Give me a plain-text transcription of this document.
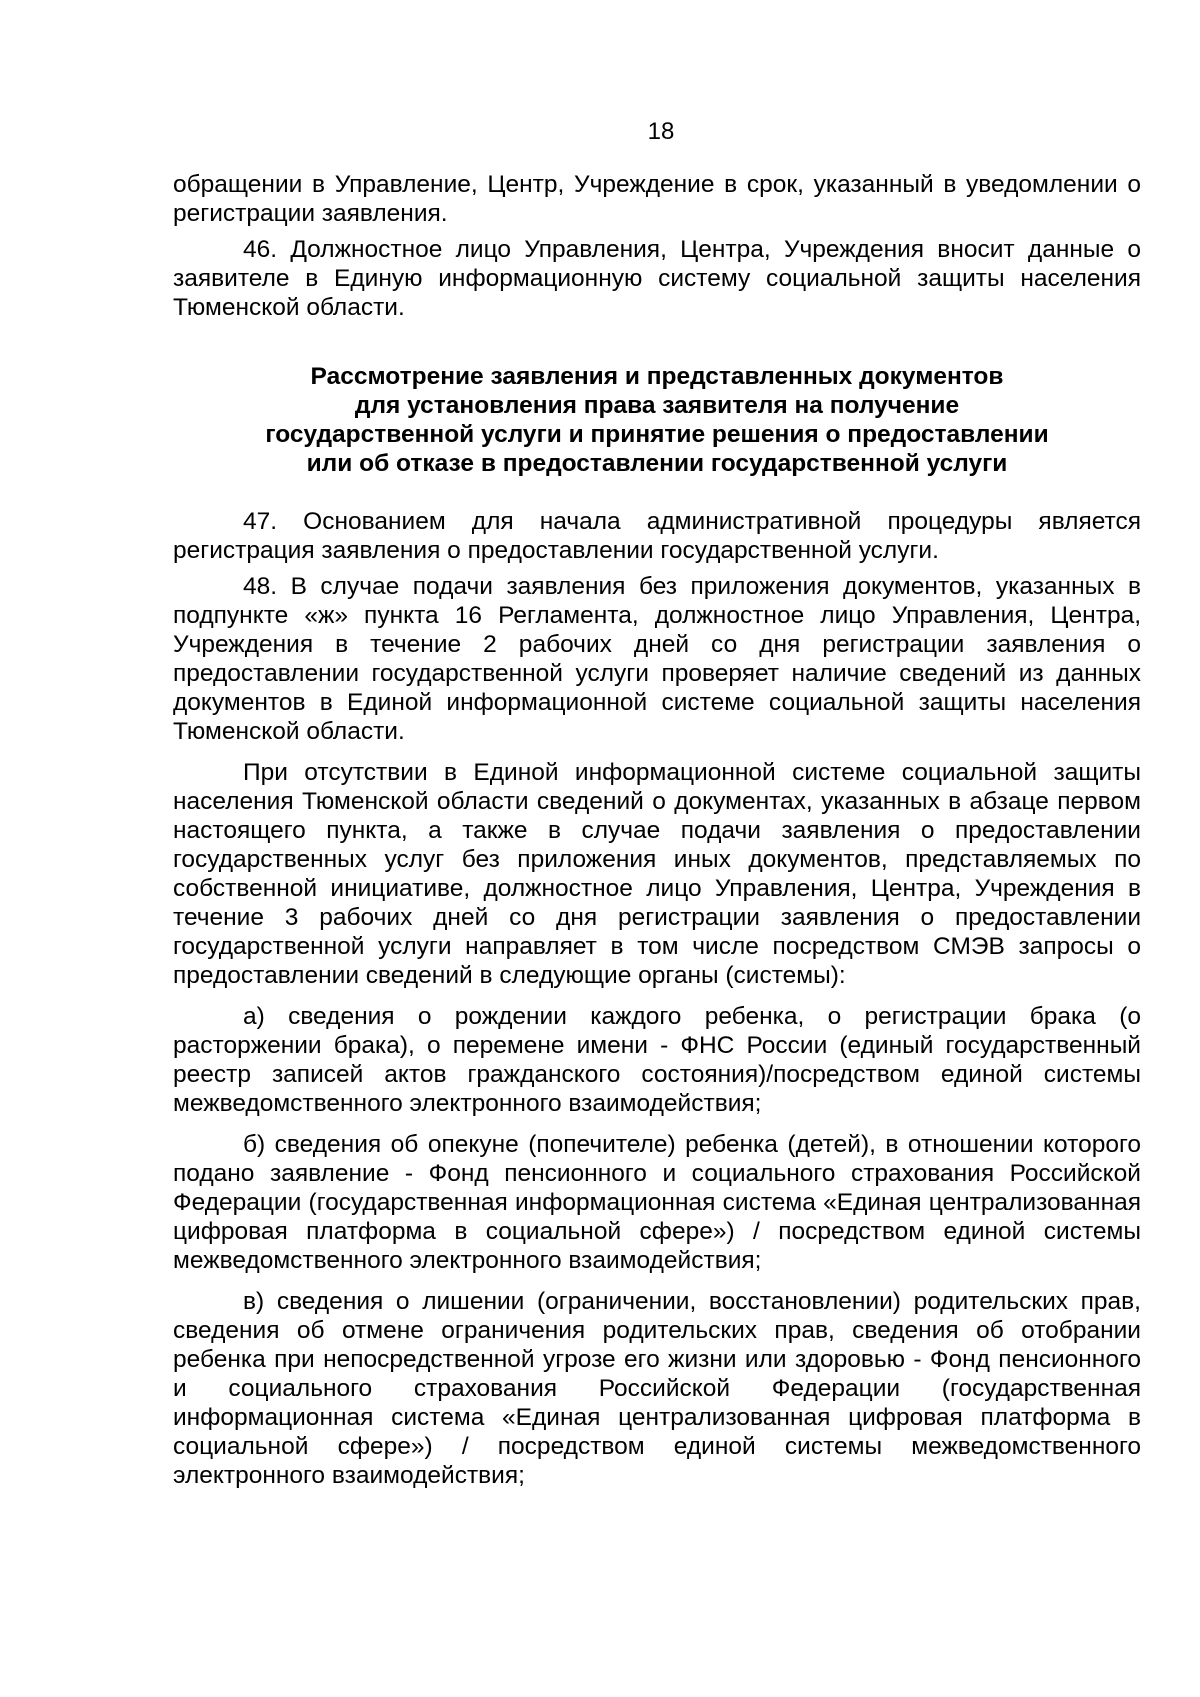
18

обращении в Управление, Центр, Учреждение в срок, указанный в уведомлении о регистрации заявления.

46. Должностное лицо Управления, Центра, Учреждения вносит данные о заявителе в Единую информационную систему социальной защиты населения Тюменской области.

Рассмотрение заявления и представленных документов
для установления права заявителя на получение
государственной услуги и принятие решения о предоставлении
или об отказе в предоставлении государственной услуги

47. Основанием для начала административной процедуры является регистрация заявления о предоставлении государственной услуги.

48. В случае подачи заявления без приложения документов, указанных в подпункте «ж» пункта 16 Регламента, должностное лицо Управления, Центра, Учреждения в течение 2 рабочих дней со дня регистрации заявления о предоставлении государственной услуги проверяет наличие сведений из данных документов в Единой информационной системе социальной защиты населения Тюменской области.

При отсутствии в Единой информационной системе социальной защиты населения Тюменской области сведений о документах, указанных в абзаце первом настоящего пункта, а также в случае подачи заявления о предоставлении государственных услуг без приложения иных документов, представляемых по собственной инициативе, должностное лицо Управления, Центра, Учреждения в течение 3 рабочих дней со дня регистрации заявления о предоставлении государственной услуги направляет в том числе посредством СМЭВ запросы о предоставлении сведений в следующие органы (системы):

а) сведения о рождении каждого ребенка, о регистрации брака (о расторжении брака), о перемене имени - ФНС России (единый государственный реестр записей актов гражданского состояния)/посредством единой системы межведомственного электронного взаимодействия;

б) сведения об опекуне (попечителе) ребенка (детей), в отношении которого подано заявление - Фонд пенсионного и социального страхования Российской Федерации (государственная информационная система «Единая централизованная цифровая платформа в социальной сфере») / посредством единой системы межведомственного электронного взаимодействия;

в) сведения о лишении (ограничении, восстановлении) родительских прав, сведения об отмене ограничения родительских прав, сведения об отобрании ребенка при непосредственной угрозе его жизни или здоровью - Фонд пенсионного и социального страхования Российской Федерации (государственная информационная система «Единая централизованная цифровая платформа в социальной сфере») / посредством единой системы межведомственного электронного взаимодействия;
